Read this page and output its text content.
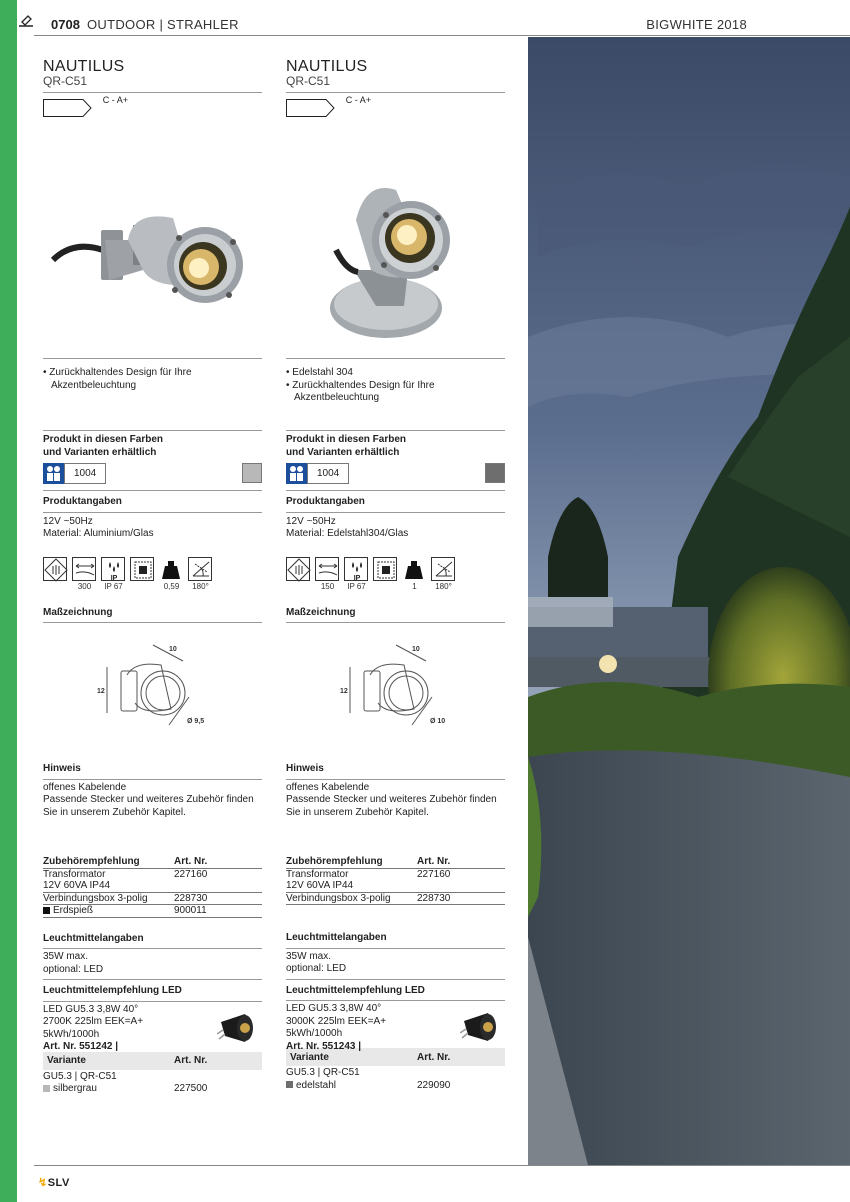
0708 OUTDOOR | STRAHLER	BIGWHITE 2018
NAUTILUS
QR-C51
C - A+
• Zurückhaltendes Design für Ihre Akzentbeleuchtung
Produkt in diesen Farben
und Varianten erhältlich
1004
Produktangaben
12V ~50Hz
Material: Aluminium/Glas
300
IP
IP 67	0,59	180°
Maßzeichnung
12
10
Ø 9,5
Hinweis
offenes Kabelende
Passende Stecker und weiteres Zubehör finden
Sie in unserem Zubehör Kapitel.
Zubehörempfehlung	Art. Nr.
Transformator
12V 60VA IP44	227160
Verbindungsbox 3-polig	228730
Erdspieß	900011
Leuchtmittelangaben
35W max.
optional: LED
Leuchtmittelempfehlung LED
LED GU5.3 3,8W 40°
2700K 225lm EEK=A+
5kWh/1000h
Art. Nr. 551242 |
Variante	Art. Nr.
GU5.3 | QR-C51
silbergrau	227500
NAUTILUS
QR-C51
C - A+
• Edelstahl 304
• Zurückhaltendes Design für Ihre Akzentbeleuchtung
Produkt in diesen Farben
und Varianten erhältlich
1004
Produktangaben
12V ~50Hz
Material: Edelstahl304/Glas
150
IP
IP 67	1	180°
Maßzeichnung
12
10
Ø 10
Hinweis
offenes Kabelende
Passende Stecker und weiteres Zubehör finden
Sie in unserem Zubehör Kapitel.
Zubehörempfehlung	Art. Nr.
Transformator
12V 60VA IP44	227160
Verbindungsbox 3-polig	228730
Leuchtmittelangaben
35W max.
optional: LED
Leuchtmittelempfehlung LED
LED GU5.3 3,8W 40°
3000K 225lm EEK=A+
5kWh/1000h
Art. Nr. 551243 |
Variante	Art. Nr.
GU5.3 | QR-C51
edelstahl	229090
↯SLV
